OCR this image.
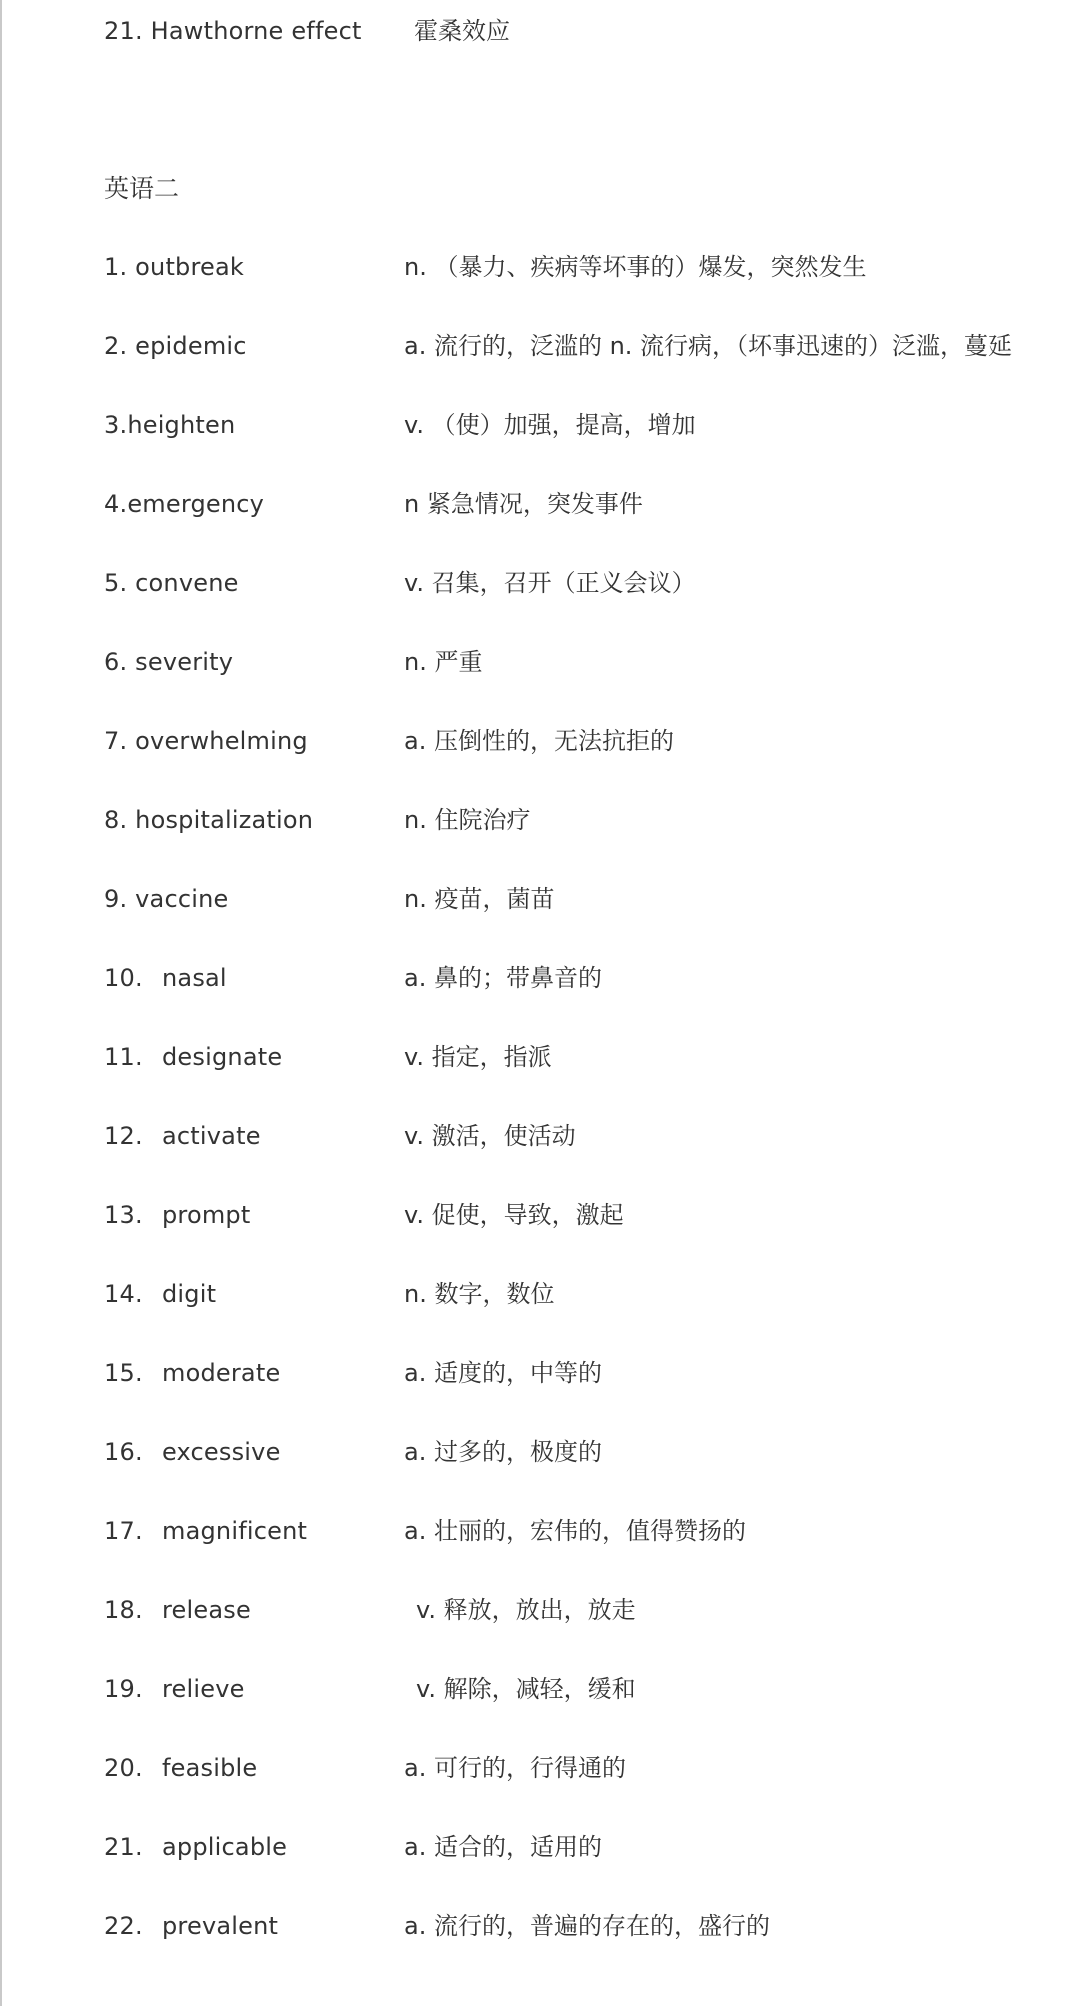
21. Hawthorne effect 霍桑效应
英语二
1. outbreak	n. （暴力、疾病等坏事的）爆发，突然发生
2. epidemic	a. 流行的，泛滥的 n. 流行病，（坏事迅速的）泛滥，蔓延
3.heighten	v. （使）加强，提高，增加
4.emergency	n 紧急情况，突发事件
5. convene	v. 召集，召开（正义会议）
6. severity	n. 严重
7. overwhelming	a. 压倒性的，无法抗拒的
8. hospitalization	n. 住院治疗
9. vaccine	n. 疫苗，菌苗
10. nasal	a. 鼻的；带鼻音的
11. designate	v. 指定，指派
12. activate	v. 激活，使活动
13. prompt	v. 促使，导致，激起
14. digit	n. 数字，数位
15. moderate	a. 适度的，中等的
16. excessive	a. 过多的，极度的
17. magnificent	a. 壮丽的，宏伟的，值得赞扬的
18. release	v. 释放，放出，放走
19. relieve	v. 解除，减轻，缓和
20. feasible	a. 可行的，行得通的
21. applicable	a. 适合的，适用的
22. prevalent	a. 流行的，普遍的存在的，盛行的
